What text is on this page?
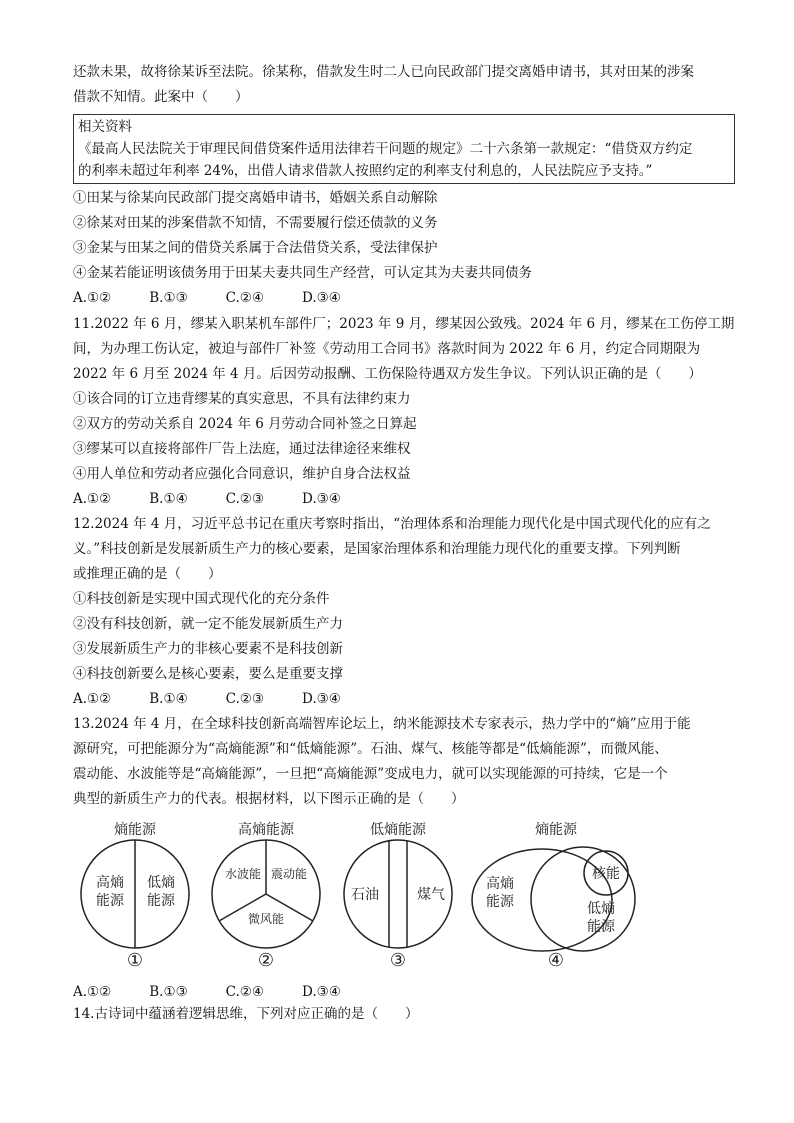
还款未果，故将徐某诉至法院。徐某称，借款发生时二人已向民政部门提交离婚申请书，其对田某的涉案
借款不知情。此案中（　　）
相关资料
《最高人民法院关于审理民间借贷案件适用法律若干问题的规定》二十六条第一款规定：“借贷双方约定
的利率未超过年利率 24%，出借人请求借款人按照约定的利率支付利息的，人民法院应予支持。”
①田某与徐某向民政部门提交离婚申请书，婚姻关系自动解除
②徐某对田某的涉案借款不知情，不需要履行偿还债款的义务
③金某与田某之间的借贷关系属于合法借贷关系，受法律保护
④金某若能证明该债务用于田某夫妻共同生产经营，可认定其为夫妻共同债务
A.①②	B.①③	C.②④	D.③④
11.2022 年 6 月，缪某入职某机车部件厂；2023 年 9 月，缪某因公致残。2024 年 6 月，缪某在工伤停工期
间，为办理工伤认定，被迫与部件厂补签《劳动用工合同书》落款时间为 2022 年 6 月，约定合同期限为
2022 年 6 月至 2024 年 4 月。后因劳动报酬、工伤保险待遇双方发生争议。下列认识正确的是（　　）
①该合同的订立违背缪某的真实意思，不具有法律约束力
②双方的劳动关系自 2024 年 6 月劳动合同补签之日算起
③缪某可以直接将部件厂告上法庭，通过法律途径来维权
④用人单位和劳动者应强化合同意识，维护自身合法权益
A.①②	B.①④	C.②③	D.③④
12.2024 年 4 月，习近平总书记在重庆考察时指出，“治理体系和治理能力现代化是中国式现代化的应有之
义。”科技创新是发展新质生产力的核心要素，是国家治理体系和治理能力现代化的重要支撑。下列判断
或推理正确的是（　　）
①科技创新是实现中国式现代化的充分条件
②没有科技创新，就一定不能发展新质生产力
③发展新质生产力的非核心要素不是科技创新
④科技创新要么是核心要素，要么是重要支撑
A.①②	B.①④	C.②③	D.③④
13.2024 年 4 月，在全球科技创新高端智库论坛上，纳米能源技术专家表示，热力学中的“熵”应用于能
源研究，可把能源分为“高熵能源”和“低熵能源”。石油、煤气、核能等都是“低熵能源”，而微风能、
震动能、水波能等是“高熵能源”，一旦把“高熵能源”变成电力，就可以实现能源的可持续，它是一个
典型的新质生产力的代表。根据材料，以下图示正确的是（　　）
熵能源
高熵
能源
低熵
能源
①
高熵能源
水波能 震动能
微风能
②
低熵能源
石油	煤气
③
熵能源
高熵
能源
核能
低熵
能源
④
A.①②	B.①③	C.②④	D.③④
14.古诗词中蕴涵着逻辑思维，下列对应正确的是（　　）
